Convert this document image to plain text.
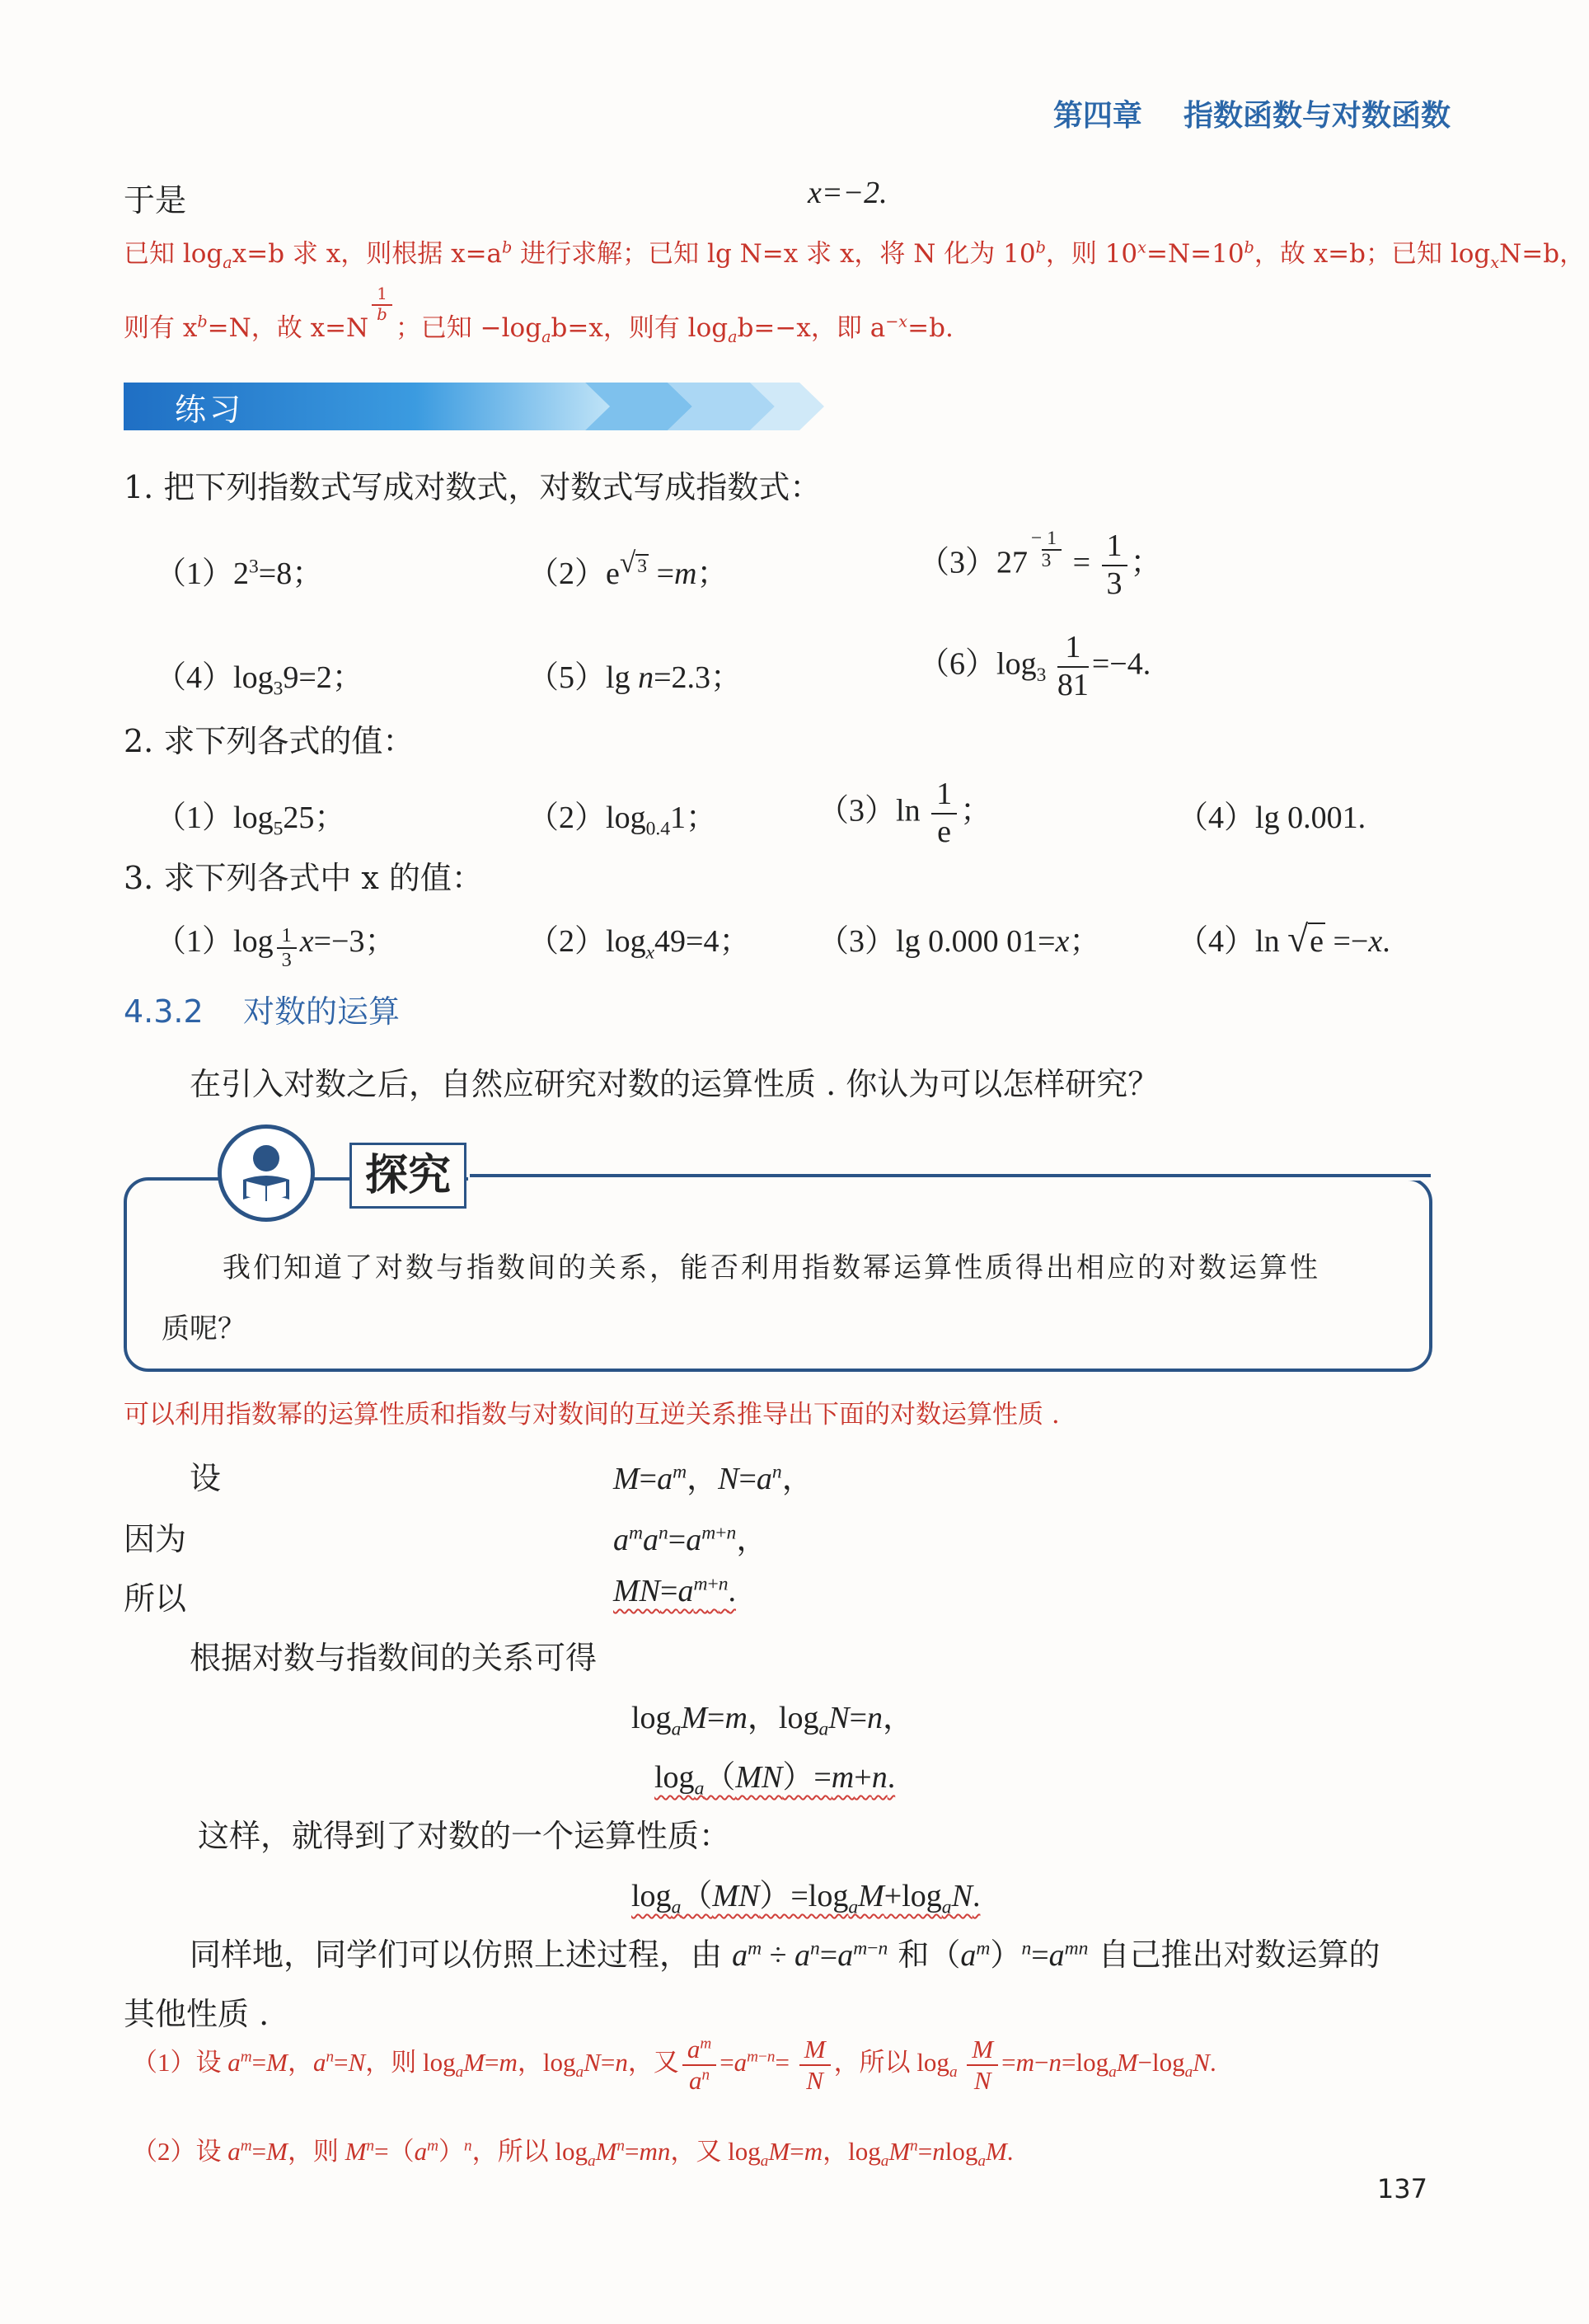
第四章 指数函数与对数函数
于是	x=−2.
已知 $\log_ax=b$ 求 x，则根据 $x=a^b$ 进行求解；已知 lg N=x 求 x，将 N 化为 10$^b$，则 $10^x=N=10^b$，故 x=b；已知 $\log_xN=b$，
则有 $x^b=N$，故 x=N
$\frac{1}{b}$
；已知 $-\log_ab=x$，则有 $\log_ab=-x$，即 $a^{-x}=b$.
练习
1. 把下列指数式写成对数式，对数式写成指数式：
$(1)2^3=8$；	$(2)e^{√3} =m$；	（3）27
$^{- 1 3} = \frac{1}{3}$ ；
$(4)\log_39=2$；	（5）lg n=2.3；	$(6)\log_3 \frac{1}{81} =-4$.
2. 求下列各式的值：
$(1)\log_525$；	$(2)\log_{0.4}1$；	$(3)\ln \frac{1}{e}$ ；	（4）lg 0.001.
3. 求下列各式中 x 的值：
$(1)\log \frac{1}{3} x=-3$；	$(2)\log_x49=4$； （3）lg 0.000 01=x； （4）ln √e =−x.
4.3.2 对数的运算
在引入对数之后，自然应研究对数的运算性质 . 你认为可以怎样研究？
探究
我们知道了对数与指数间的关系，能否利用指数幂运算性质得出相应的对数运算性
质呢？
可以利用指数幂的运算性质和指数与对数间的互逆关系推导出下面的对数运算性质 .
设	$M=a^m$，$N=a^n$，
因为	$a^ma^n=a^{m+n}$，
所以	$MN=a^{m+n}$.
根据对数与指数间的关系可得
$\log_aM=m$，$\log_aN=n$，
$\log_a(MN)=m+n$.
这样，就得到了对数的一个运算性质：
$\log_a(MN)=\log_aM+\log_aN$.
同样地，同学们可以仿照上述过程，由 $a^m \div a^n=a^{m-n}$ 和$(a^m)^n=a^{mn}$ 自己推出对数运算的
其他性质 .
（1）设 $a^m=M$，$a^n=N$，则 $\log_aM=m$，$\log_aN=n$，又 $\frac{a^m}{a^n} =a^{m-n}= \frac{M}{N}$ ，所以 $\log_a \frac{M}{N} =m-n=\log_aM-\log_aN$.
（2）设 $a^m=M$，则 $M^n=(a^m)^n$，所以 $\log_aM^n=mn$，又 $\log_aM=m$，$\log_aM^n=nlog_aM$.
137
